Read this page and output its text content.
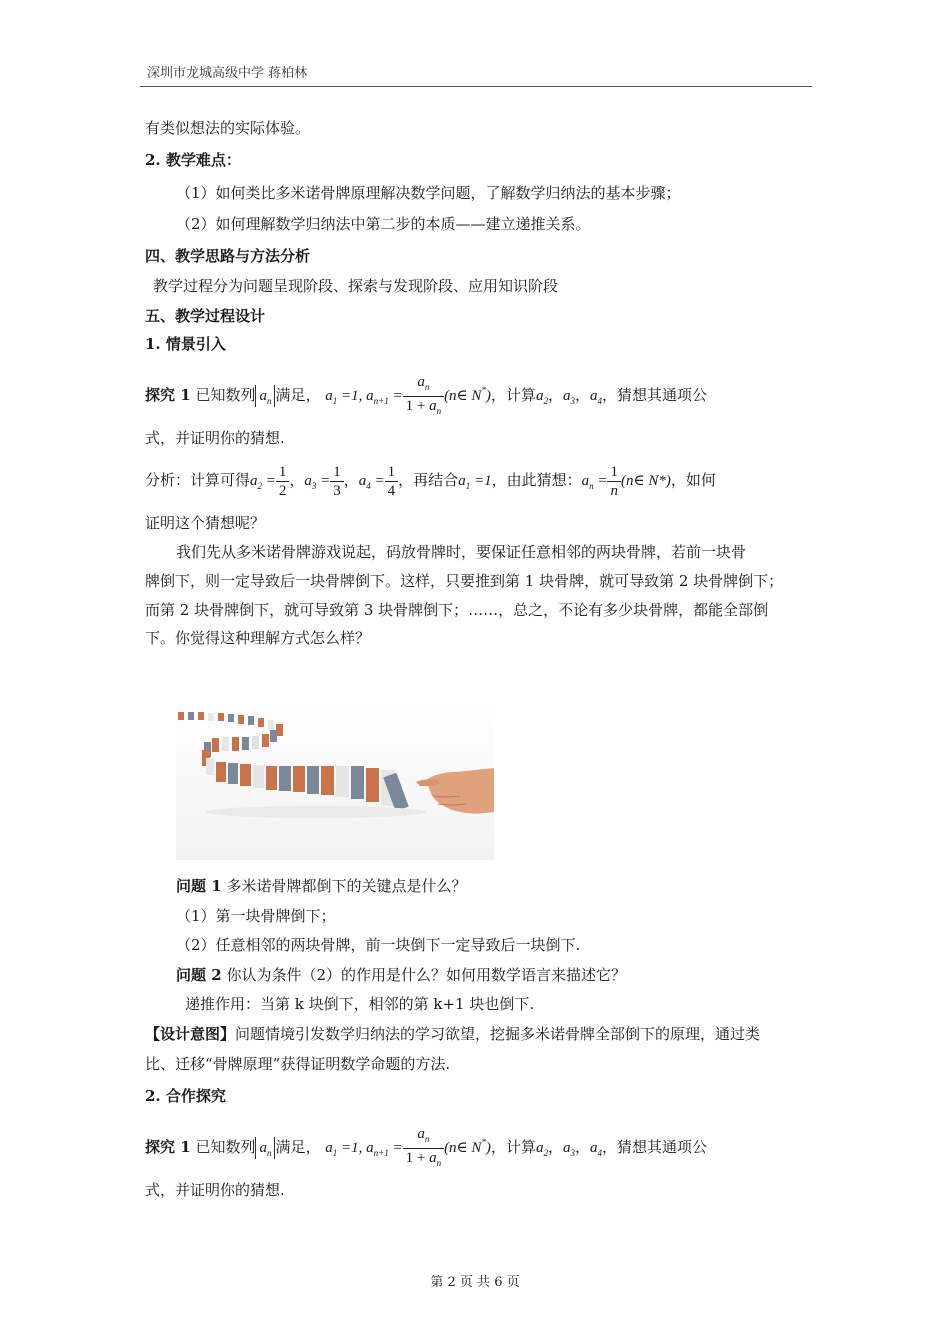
深圳市龙城高级中学 蒋柏林
有类似想法的实际体验。
2. 教学难点：
（1）如何类比多米诺骨牌原理解决数学问题，了解数学归纳法的基本步骤；
（2）如何理解数学归纳法中第二步的本质——建立递推关系。
四、教学思路与方法分析
教学过程分为问题呈现阶段、探索与发现阶段、应用知识阶段
五、教学过程设计
1. 情景引入
探究 1 已知数列 $a_n$ 满足， $a_1 =1$, $a_{n+1} = \frac{a_n}{1 + a_n}$ (n∈ N*)，计算$a_2$，$a_3$，$a_4$，猜想其通项公
式，并证明你的猜想.
分析：计算可得$a_2 = \frac{1}{2}$ ，$a_3 = \frac{1}{3}$ ，$a_4 = \frac{1}{4}$ ，再结合$a_1 =1$，由此猜想：$a_n = \frac{1}{n}$ (n∈ N*)，如何
证明这个猜想呢？
我们先从多米诺骨牌游戏说起，码放骨牌时，要保证任意相邻的两块骨牌，若前一块骨
牌倒下，则一定导致后一块骨牌倒下。这样，只要推到第 1 块骨牌，就可导致第 2 块骨牌倒下；
而第 2 块骨牌倒下，就可导致第 3 块骨牌倒下；……，总之，不论有多少块骨牌，都能全部倒
下。你觉得这种理解方式怎么样？
问题 1 多米诺骨牌都倒下的关键点是什么？
（1）第一块骨牌倒下；
（2）任意相邻的两块骨牌，前一块倒下一定导致后一块倒下.
问题 2 你认为条件（2）的作用是什么？如何用数学语言来描述它？
递推作用：当第 k 块倒下，相邻的第 k+1 块也倒下.
【设计意图】问题情境引发数学归纳法的学习欲望，挖掘多米诺骨牌全部倒下的原理，通过类
比、迁移“骨牌原理”获得证明数学命题的方法.
2. 合作探究
探究 1 已知数列 $a_n$ 满足， $a_1 =1$, $a_{n+1} = \frac{a_n}{1 + a_n}$ (n∈ N*)，计算$a_2$，$a_3$，$a_4$，猜想其通项公
式，并证明你的猜想.
第 2 页 共 6 页
